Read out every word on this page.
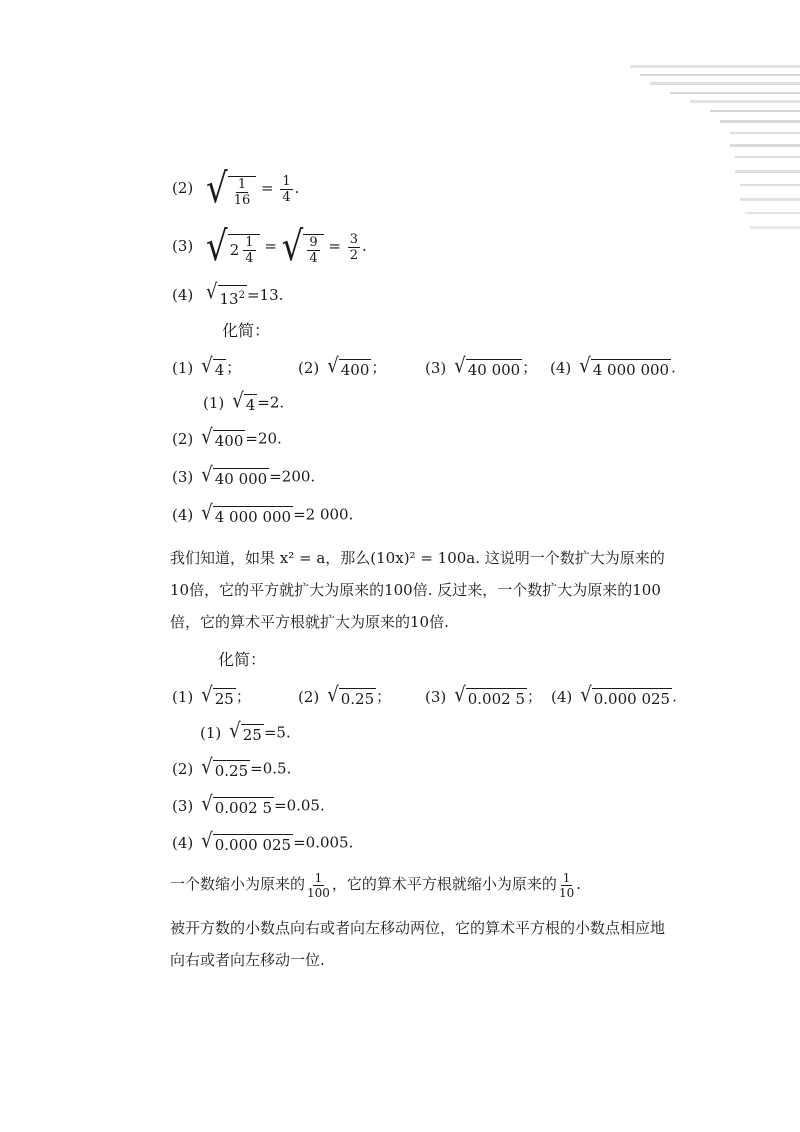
(2) √ $\frac{1}{16} = \frac{1}{4}$ .
(3) √ $2 \frac{1}{4}$ = √ $\frac{9}{4} = \frac{3}{2}$ .
(4) √ $13^2 =13$.
化简：
(1) √ 4 ；	(2) √ 400 ；	(3) √ 40 000 ； (4) √ 4 000 000 .
(1) √ 4 =2.
(2) √ 400 =20.
(3) √ 40 000 =200.
(4) √ 4 000 000 =2 000.
我们知道，如果 x² = a，那么(10x)² = 100a. 这说明一个数扩大为原来的10倍，它的平方就扩大为原来的100倍. 反过来，一个数扩大为原来的100倍，它的算术平方根就扩大为原来的10倍.
化简：
(1) √ 25 ；	(2) √ 0.25 ； (3) √ 0.002 5 ； (4) √ 0.000 025 .
(1) √ 25 =5.
(2) √ 0.25 =0.5.
(3) √ 0.002 5 =0.05.
(4) √ 0.000 025 =0.005.
一个数缩小为原来的 $\frac{1}{100}$ ，它的算术平方根就缩小为原来的 $\frac{1}{10}$ .
被开方数的小数点向右或者向左移动两位，它的算术平方根的小数点相应地向右或者向左移动一位.
